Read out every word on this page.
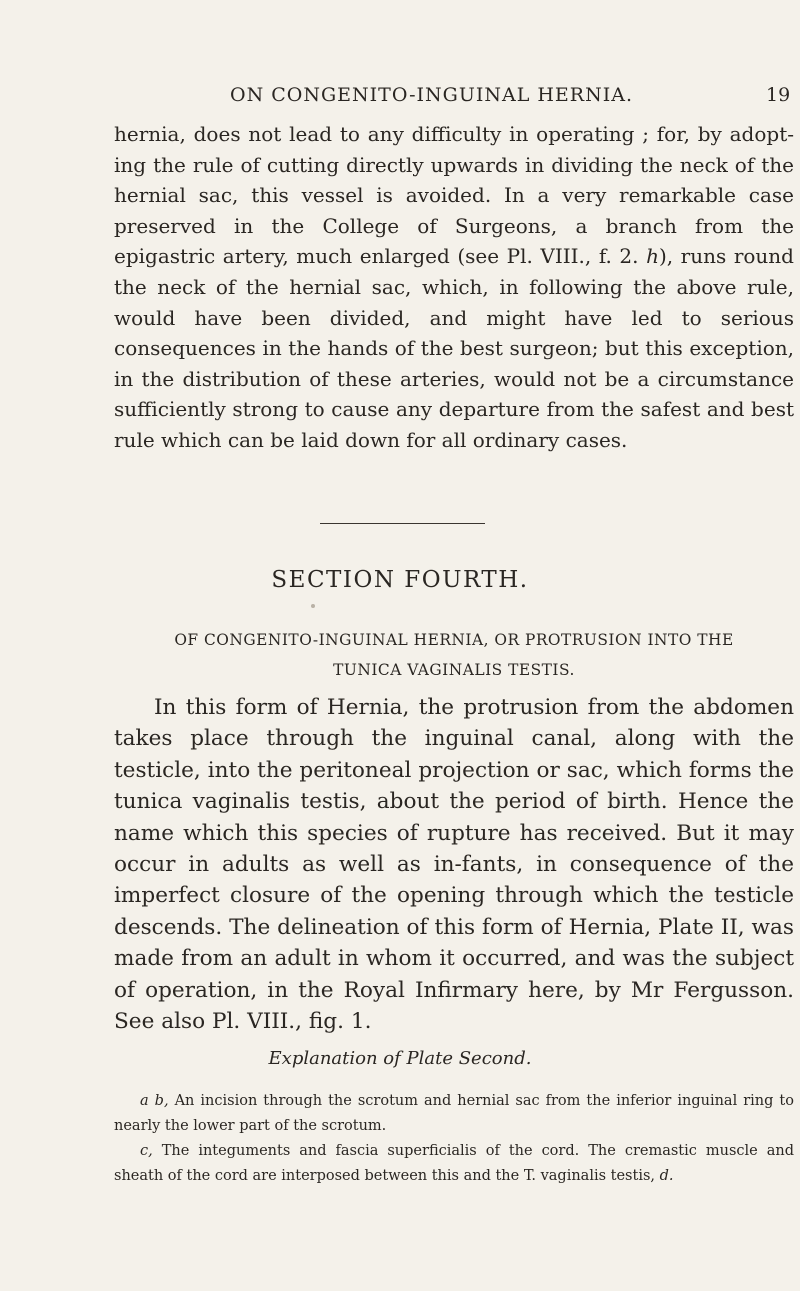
ON CONGENITO-INGUINAL HERNIA.	19

hernia, does not lead to any difficulty in operating ; for, by adopt-ing the rule of cutting directly upwards in dividing the neck of the hernial sac, this vessel is avoided. In a very remarkable case preserved in the College of Surgeons, a branch from the epigastric artery, much enlarged (see Pl. VIII., f. 2. h), runs round the neck of the hernial sac, which, in following the above rule, would have been divided, and might have led to serious consequences in the hands of the best surgeon; but this exception, in the distribution of these arteries, would not be a circumstance sufficiently strong to cause any departure from the safest and best rule which can be laid down for all ordinary cases.

SECTION FOURTH.
OF CONGENITO-INGUINAL HERNIA, OR PROTRUSION INTO THE
TUNICA VAGINALIS TESTIS.

In this form of Hernia, the protrusion from the abdomen takes place through the inguinal canal, along with the testicle, into the peritoneal projection or sac, which forms the tunica vaginalis testis, about the period of birth. Hence the name which this species of rupture has received. But it may occur in adults as well as in-fants, in consequence of the imperfect closure of the opening through which the testicle descends. The delineation of this form of Hernia, Plate II, was made from an adult in whom it occurred, and was the subject of operation, in the Royal Infirmary here, by Mr Fergusson. See also Pl. VIII., fig. 1.

Explanation of Plate Second.

a b, An incision through the scrotum and hernial sac from the inferior inguinal ring to nearly the lower part of the scrotum.

c, The integuments and fascia superficialis of the cord. The cremastic muscle and sheath of the cord are interposed between this and the T. vaginalis testis, d.
